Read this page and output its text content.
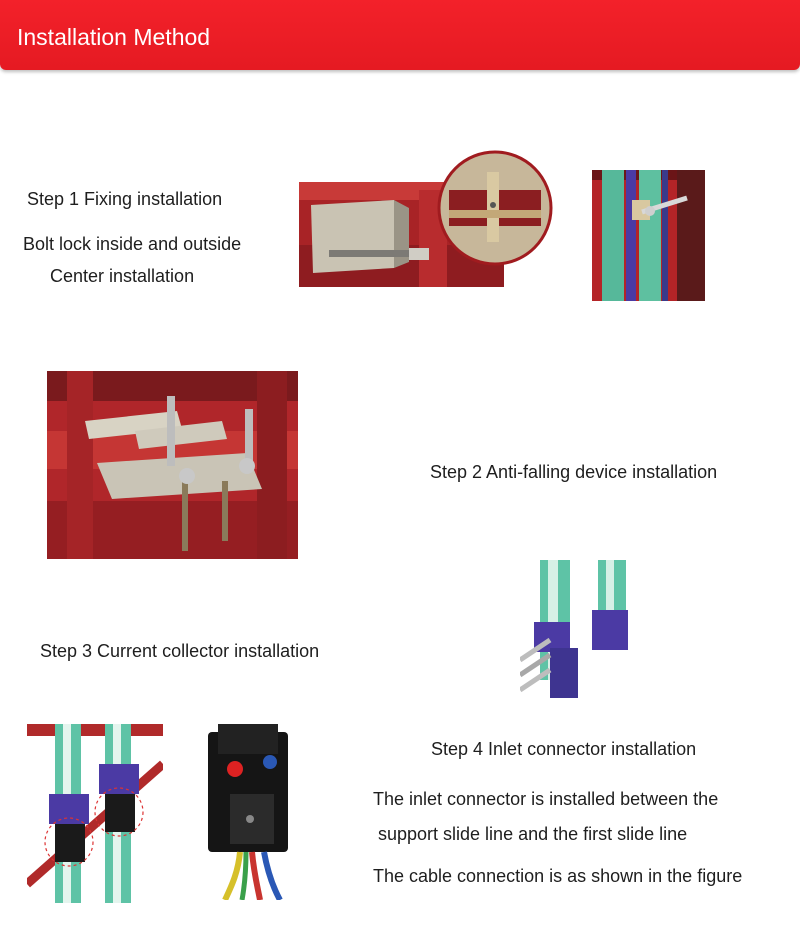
Installation Method
Step 1 Fixing installation
Bolt lock inside and outside
Center installation
Step 2 Anti-falling device installation
Step 3 Current collector installation
Step 4 Inlet connector installation
The inlet connector is installed between the
support slide line and the first slide line
The cable connection is as shown in the figure
